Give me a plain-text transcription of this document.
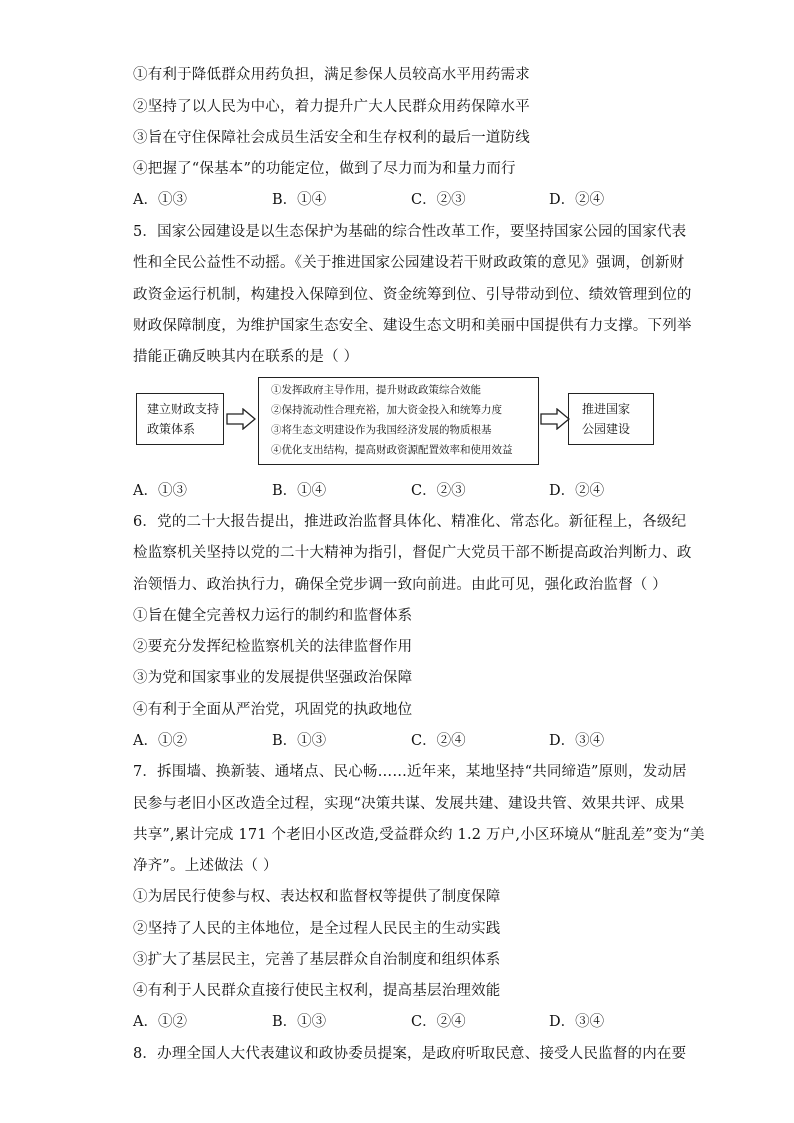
①有利于降低群众用药负担，满足参保人员较高水平用药需求
②坚持了以人民为中心，着力提升广大人民群众用药保障水平
③旨在守住保障社会成员生活安全和生存权利的最后一道防线
④把握了“保基本”的功能定位，做到了尽力而为和量力而行
A．①③	B．①④	C．②③	D．②④
5．国家公园建设是以生态保护为基础的综合性改革工作，要坚持国家公园的国家代表
性和全民公益性不动摇。《关于推进国家公园建设若干财政政策的意见》强调，创新财
政资金运行机制，构建投入保障到位、资金统筹到位、引导带动到位、绩效管理到位的
财政保障制度，为维护国家生态安全、建设生态文明和美丽中国提供有力支撑。下列举
措能正确反映其内在联系的是（ ）
建立财政支持
政策体系
①发挥政府主导作用，提升财政政策综合效能
②保持流动性合理充裕，加大资金投入和统筹力度
③将生态文明建设作为我国经济发展的物质根基
④优化支出结构，提高财政资源配置效率和使用效益
推进国家
公园建设
A．①③	B．①④	C．②③	D．②④
6．党的二十大报告提出，推进政治监督具体化、精准化、常态化。新征程上，各级纪
检监察机关坚持以党的二十大精神为指引，督促广大党员干部不断提高政治判断力、政
治领悟力、政治执行力，确保全党步调一致向前进。由此可见，强化政治监督（ ）
①旨在健全完善权力运行的制约和监督体系
②要充分发挥纪检监察机关的法律监督作用
③为党和国家事业的发展提供坚强政治保障
④有利于全面从严治党，巩固党的执政地位
A．①②	B．①③	C．②④	D．③④
7．拆围墙、换新装、通堵点、民心畅……近年来，某地坚持“共同缔造”原则，发动居
民参与老旧小区改造全过程，实现“决策共谋、发展共建、建设共管、效果共评、成果
共享”,累计完成 171 个老旧小区改造,受益群众约 1.2 万户,小区环境从“脏乱差”变为“美
净齐”。上述做法（ ）
①为居民行使参与权、表达权和监督权等提供了制度保障
②坚持了人民的主体地位，是全过程人民民主的生动实践
③扩大了基层民主，完善了基层群众自治制度和组织体系
④有利于人民群众直接行使民主权利，提高基层治理效能
A．①②	B．①③	C．②④	D．③④
8．办理全国人大代表建议和政协委员提案，是政府听取民意、接受人民监督的内在要
